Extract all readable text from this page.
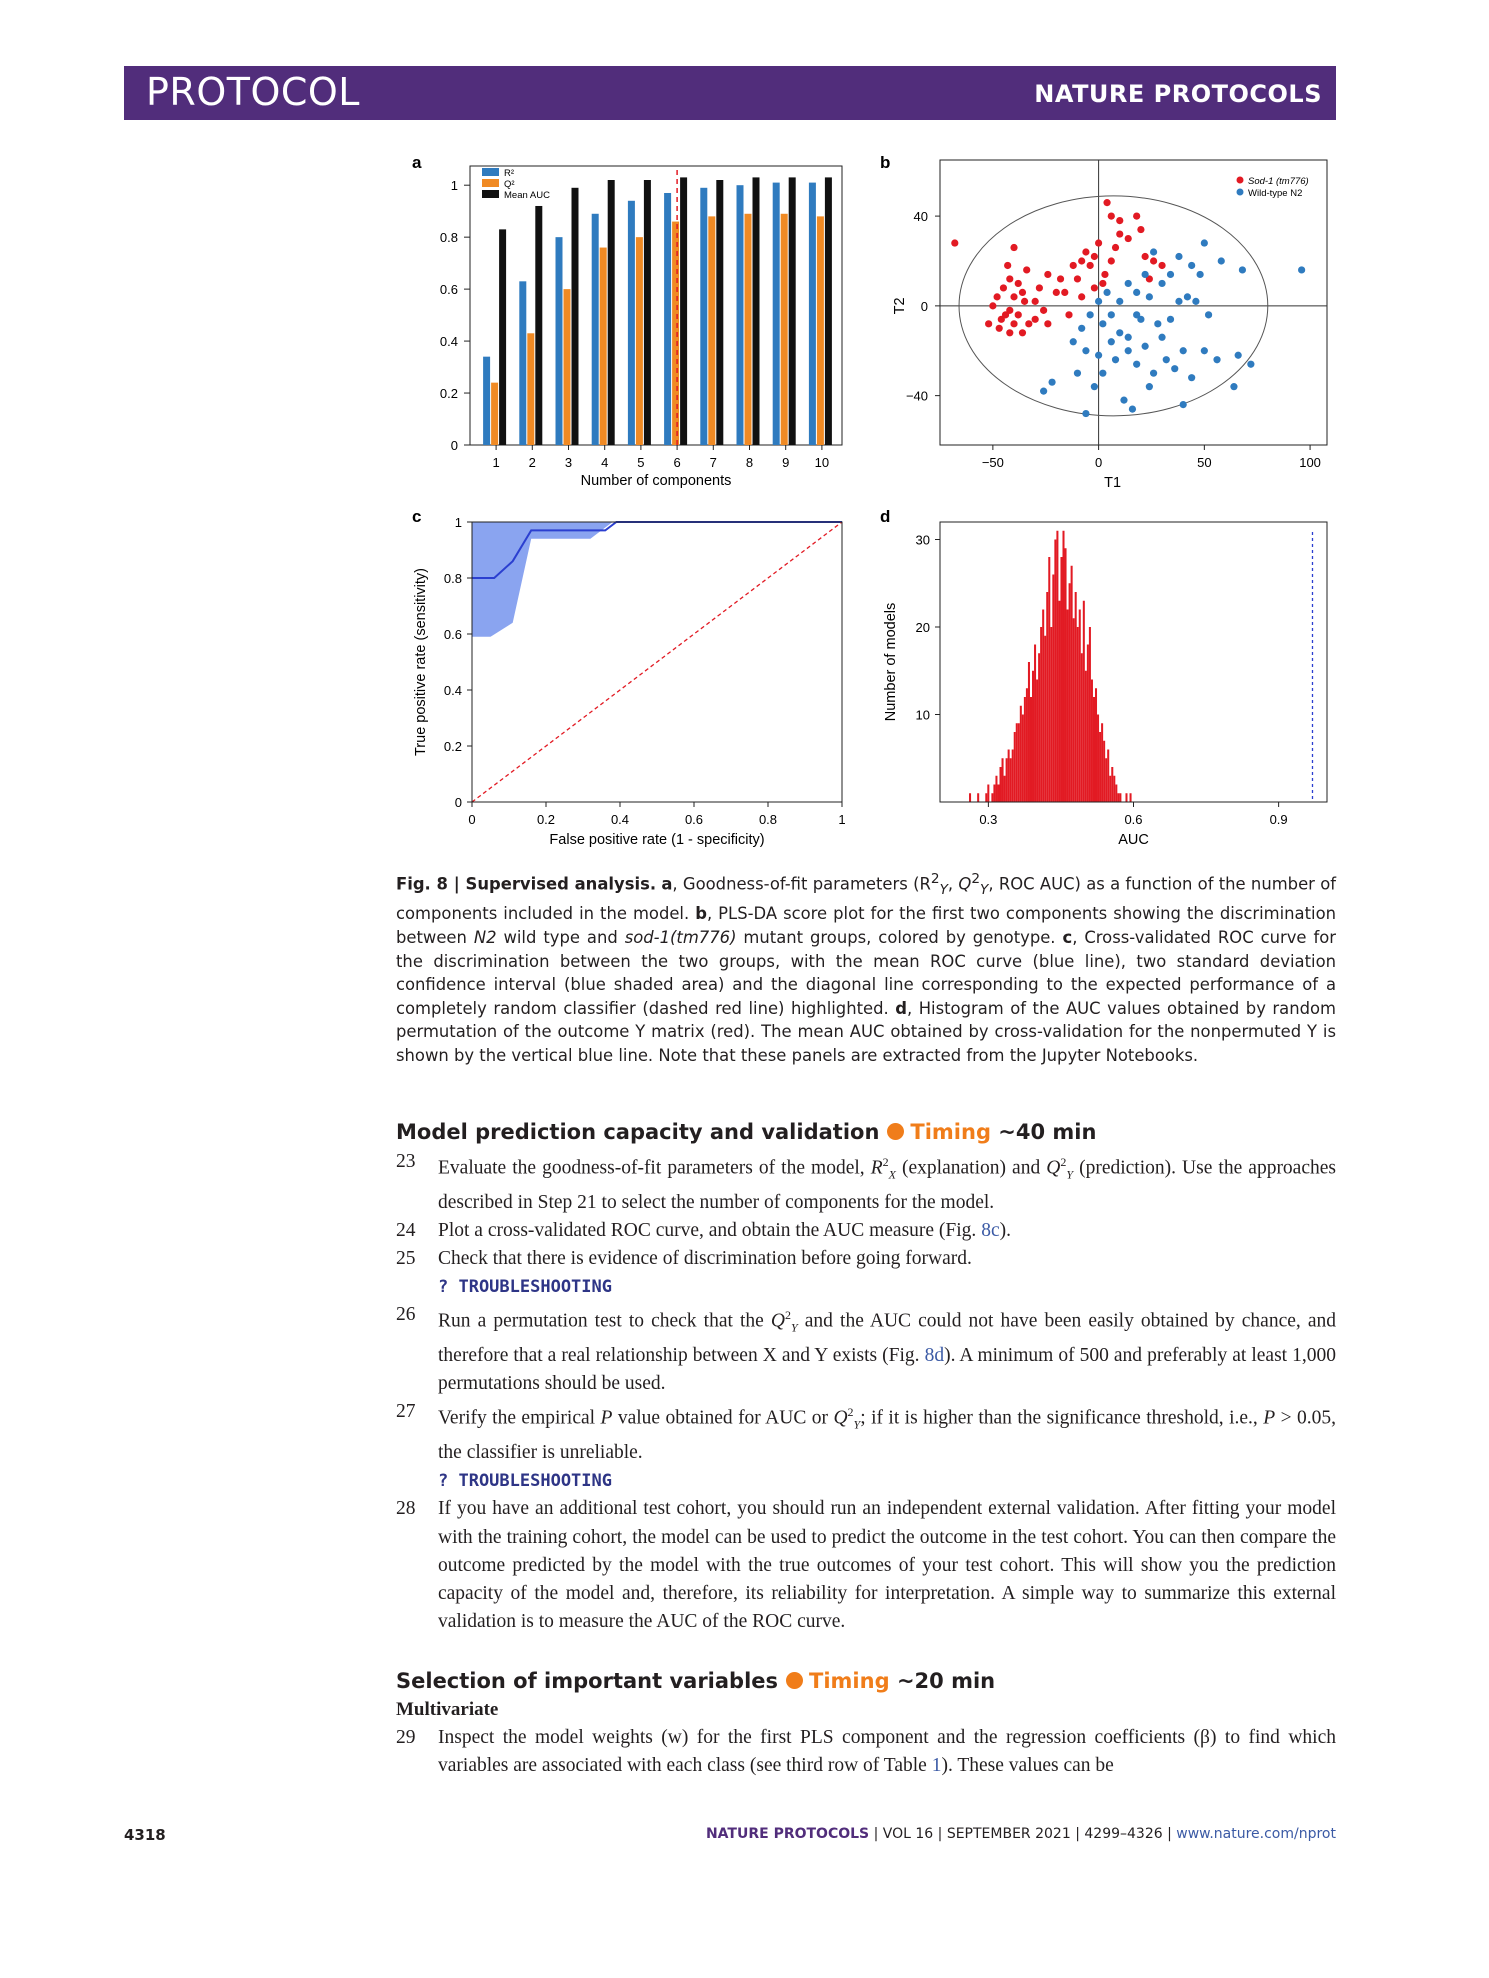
PROTOCOL	NATURE PROTOCOLS
a
0
0.2
0.4
0.6
0.8
1
1 2 3 4 5 6 7 8 9 10
Number of components
R²
Q²
Mean AUC
b
−50	0	50	100
40
0
−40
T1
T2
Sod-1 (tm776)
Wild-type N2
c
0	0.2	0.4	0.6	0.8	1
0
0.2
0.4
0.6
0.8
1
False positive rate (1 - specificity)
True positive rate (sensitivity)
d
0.3	0.6	0.9
10
20
30
AUC
Number of models
Fig. 8 | Supervised analysis. a, Goodness-of-fit parameters ($R^2_Y$, $Q^2_Y$, ROC AUC) as a function of the number of components included in the model. b, PLS-DA score plot for the first two components showing the discrimination between N2 wild type and sod-1(tm776) mutant groups, colored by genotype. c, Cross-validated ROC curve for the discrimination between the two groups, with the mean ROC curve (blue line), two standard deviation confidence interval (blue shaded area) and the diagonal line corresponding to the expected performance of a completely random classifier (dashed red line) highlighted. d, Histogram of the AUC values obtained by random permutation of the outcome Y matrix (red). The mean AUC obtained by cross-validation for the nonpermuted Y is shown by the vertical blue line. Note that these panels are extracted from the Jupyter Notebooks.
Model prediction capacity and validation Timing ~40 min
23	Evaluate the goodness-of-fit parameters of the model, $R^2_X$ (explanation) and $Q^2_Y$ (prediction). Use the approaches described in Step 21 to select the number of components for the model.
24	Plot a cross-validated ROC curve, and obtain the AUC measure (Fig. 8c).
25	Check that there is evidence of discrimination before going forward.
? TROUBLESHOOTING
26	Run a permutation test to check that the $Q^2_Y$ and the AUC could not have been easily obtained by chance, and therefore that a real relationship between X and Y exists (Fig. 8d). A minimum of 500 and preferably at least 1,000 permutations should be used.
27	Verify the empirical P value obtained for AUC or $Q^2_Y$; if it is higher than the significance threshold, i.e., P > 0.05, the classifier is unreliable.
? TROUBLESHOOTING
28	If you have an additional test cohort, you should run an independent external validation. After fitting your model with the training cohort, the model can be used to predict the outcome in the test cohort. You can then compare the outcome predicted by the model with the true outcomes of your test cohort. This will show you the prediction capacity of the model and, therefore, its reliability for interpretation. A simple way to summarize this external validation is to measure the AUC of the ROC curve.
Selection of important variables Timing ~20 min
Multivariate
29	Inspect the model weights (w) for the first PLS component and the regression coefficients (β) to find which variables are associated with each class (see third row of Table 1). These values can be
4318	NATURE PROTOCOLS | VOL 16 | SEPTEMBER 2021 | 4299–4326 | www.nature.com/nprot
